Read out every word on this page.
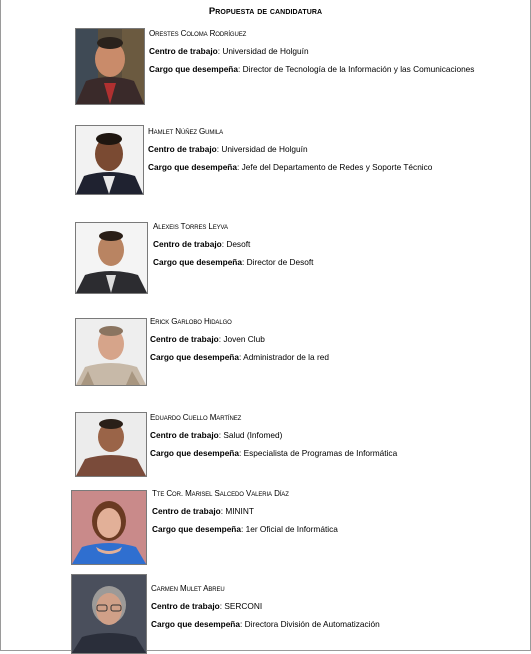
Propuesta de candidatura
Orestes Coloma Rodríguez
Centro de trabajo: Universidad de Holguín
Cargo que desempeña: Director de Tecnología de la Información y las Comunicaciones
Hamlet Núñez Gumila
Centro de trabajo: Universidad de Holguín
Cargo que desempeña: Jefe del Departamento de Redes y Soporte Técnico
Alexeis Torres Leyva
Centro de trabajo: Desoft
Cargo que desempeña: Director de Desoft
Erick Garlobo Hidalgo
Centro de trabajo: Joven Club
Cargo que desempeña: Administrador de la red
Eduardo Cuello Martínez
Centro de trabajo: Salud (Infomed)
Cargo que desempeña: Especialista de Programas de Informática
Tte Cor. Marisel Salcedo Valeria Díaz
Centro de trabajo: MININT
Cargo que desempeña: 1er Oficial de Informática
Carmen Mulet Abreu
Centro de trabajo: SERCONI
Cargo que desempeña: Directora División de Automatización
